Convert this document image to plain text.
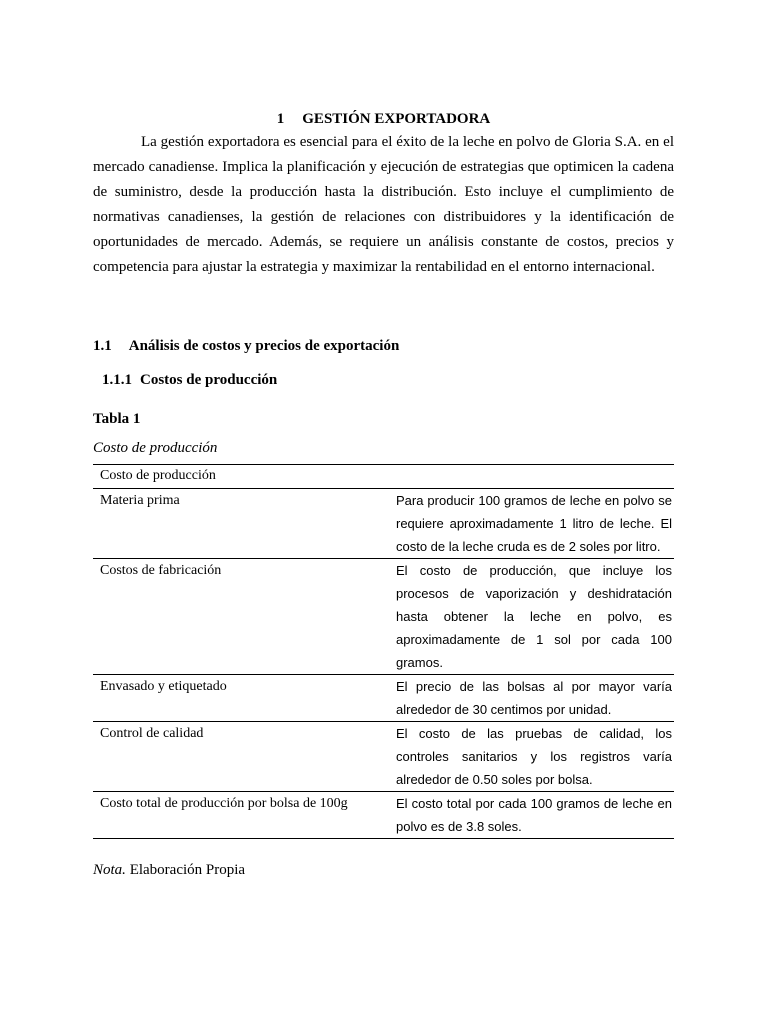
1 GESTIÓN EXPORTADORA

La gestión exportadora es esencial para el éxito de la leche en polvo de Gloria S.A. en el mercado canadiense. Implica la planificación y ejecución de estrategias que optimicen la cadena de suministro, desde la producción hasta la distribución. Esto incluye el cumplimiento de normativas canadienses, la gestión de relaciones con distribuidores y la identificación de oportunidades de mercado. Además, se requiere un análisis constante de costos, precios y competencia para ajustar la estrategia y maximizar la rentabilidad en el entorno internacional.

1.1 Análisis de costos y precios de exportación
1.1.1 Costos de producción

Tabla 1

Costo de producción

Costo de producción	
Materia prima	Para producir 100 gramos de leche en polvo se requiere aproximadamente 1 litro de leche. El costo de la leche cruda es de 2 soles por litro.
Costos de fabricación	El costo de producción, que incluye los procesos de vaporización y deshidratación hasta obtener la leche en polvo, es aproximadamente de 1 sol por cada 100 gramos.
Envasado y etiquetado	El precio de las bolsas al por mayor varía alrededor de 30 centimos por unidad.
Control de calidad	El costo de las pruebas de calidad, los controles sanitarios y los registros varía alrededor de 0.50 soles por bolsa.
Costo total de producción por bolsa de 100g	El costo total por cada 100 gramos de leche en polvo es de 3.8 soles.

Nota. Elaboración Propia
